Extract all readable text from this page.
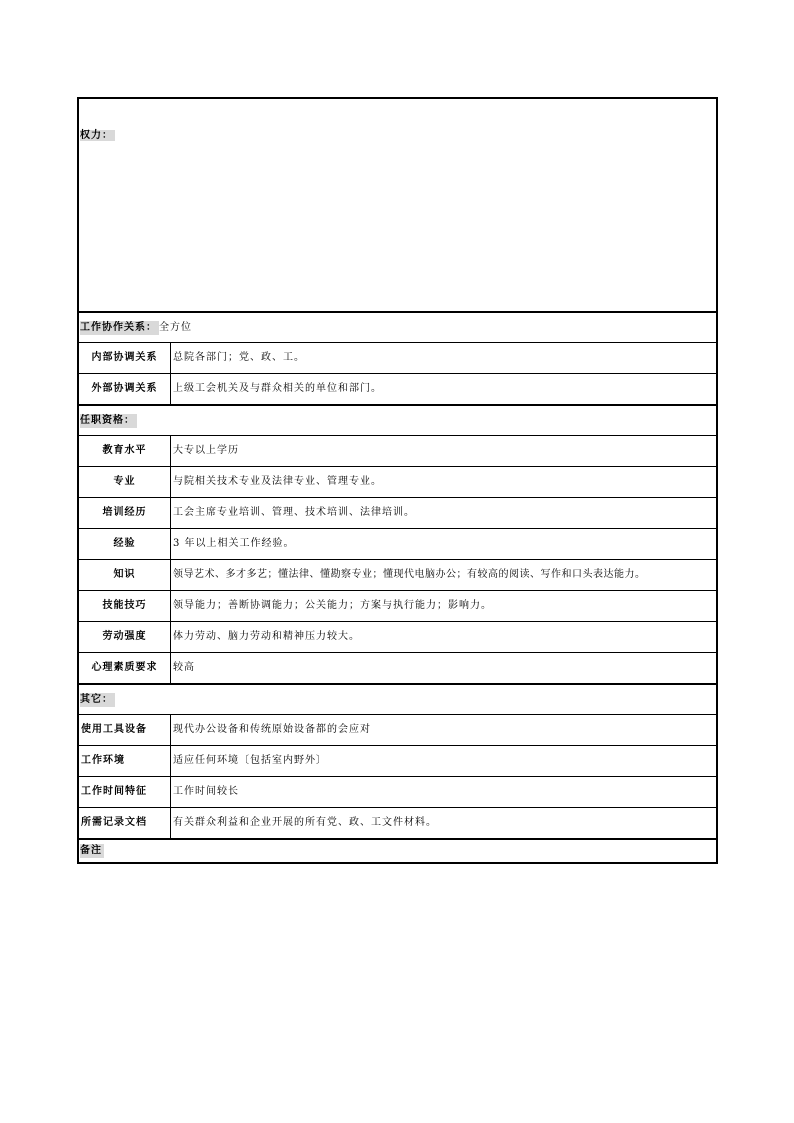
权力：
工作协作关系： 全方位
内部协调关系	总院各部门；党、政、工。
外部协调关系	上级工会机关及与群众相关的单位和部门。
任职资格：
教育水平	大专以上学历
专业	与院相关技术专业及法律专业、管理专业。
培训经历	工会主席专业培训、管理、技术培训、法律培训。
经验	3 年以上相关工作经验。
知识	领导艺术、多才多艺；懂法律、懂勘察专业；懂现代电脑办公；有较高的阅读、写作和口头表达能力。
技能技巧	领导能力；善断协调能力；公关能力；方案与执行能力；影响力。
劳动强度	体力劳动、脑力劳动和精神压力较大。
心理素质要求	较高
其它：
使用工具设备	现代办公设备和传统原始设备都的会应对
工作环境	适应任何环境〔包括室内野外〕
工作时间特征	工作时间较长
所需记录文档	有关群众利益和企业开展的所有党、政、工文件材料。
备注
